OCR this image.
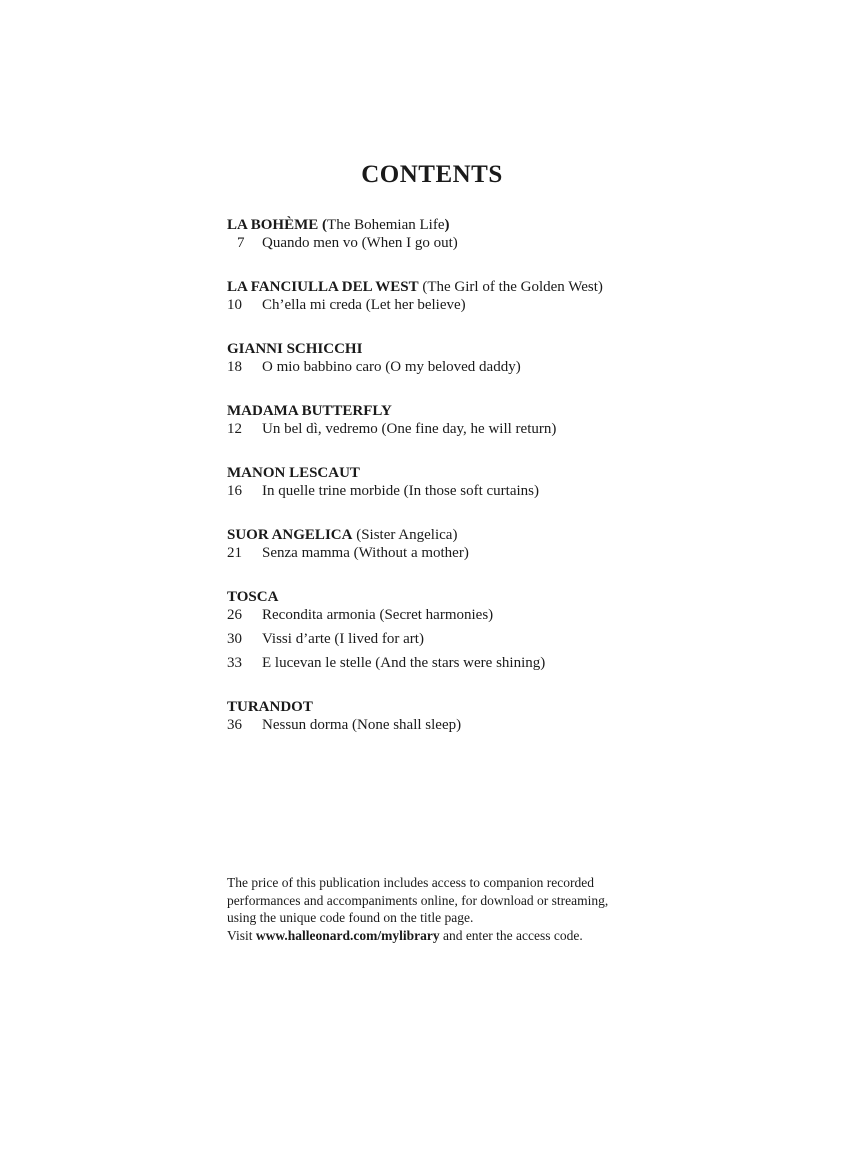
CONTENTS
LA BOHÈME (The Bohemian Life)
7	Quando men vo (When I go out)
LA FANCIULLA DEL WEST (The Girl of the Golden West)
10	Ch’ella mi creda (Let her believe)
GIANNI SCHICCHI
18	O mio babbino caro (O my beloved daddy)
MADAMA BUTTERFLY
12	Un bel dì, vedremo (One fine day, he will return)
MANON LESCAUT
16	In quelle trine morbide (In those soft curtains)
SUOR ANGELICA (Sister Angelica)
21	Senza mamma (Without a mother)
TOSCA
26	Recondita armonia (Secret harmonies)
30	Vissi d’arte (I lived for art)
33	E lucevan le stelle (And the stars were shining)
TURANDOT
36	Nessun dorma (None shall sleep)
The price of this publication includes access to companion recorded
performances and accompaniments online, for download or streaming,
using the unique code found on the title page.
Visit www.halleonard.com/mylibrary and enter the access code.
